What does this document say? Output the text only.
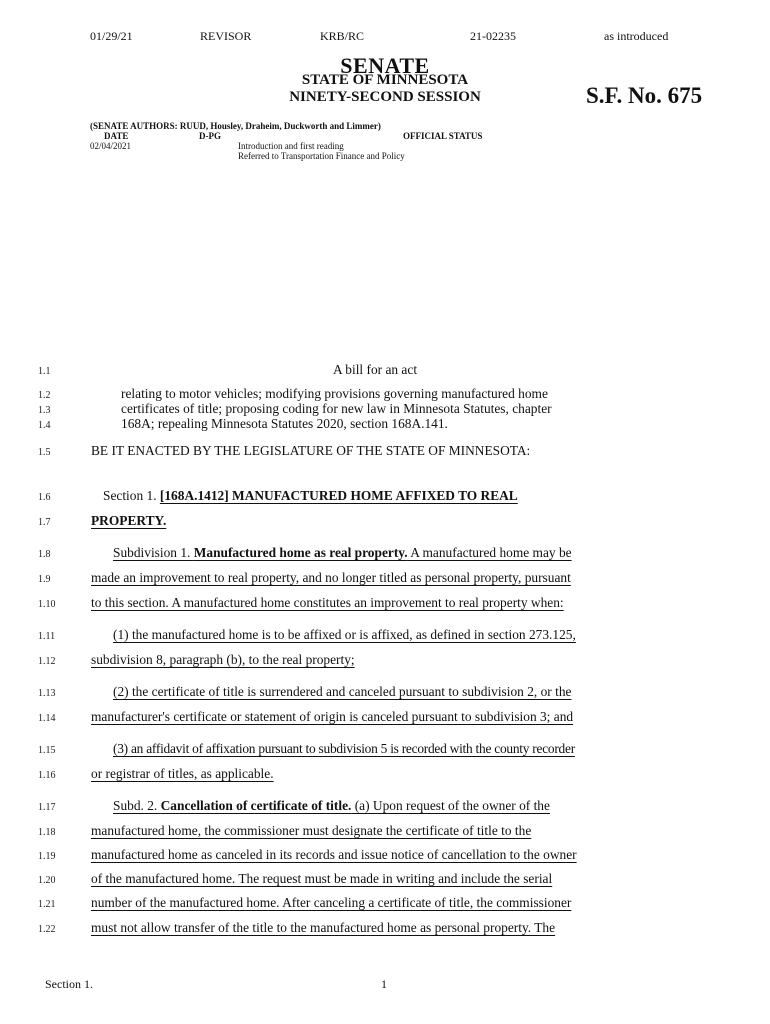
01/29/21	REVISOR	KRB/RC	21-02235	as introduced
SENATE
STATE OF MINNESOTA
NINETY-SECOND SESSION	S.F. No. 675
(SENATE AUTHORS: RUUD, Housley, Draheim, Duckworth and Limmer)
DATE	D-PG	OFFICIAL STATUS
02/04/2021	Introduction and first reading
Referred to Transportation Finance and Policy
1.1	A bill for an act
1.2	relating to motor vehicles; modifying provisions governing manufactured home
1.3	certificates of title; proposing coding for new law in Minnesota Statutes, chapter
1.4	168A; repealing Minnesota Statutes 2020, section 168A.141.
1.5	BE IT ENACTED BY THE LEGISLATURE OF THE STATE OF MINNESOTA:
1.6	Section 1. [168A.1412] MANUFACTURED HOME AFFIXED TO REAL
1.7	PROPERTY.
1.8	Subdivision 1. Manufactured home as real property. A manufactured home may be
1.9	made an improvement to real property, and no longer titled as personal property, pursuant
1.10	to this section. A manufactured home constitutes an improvement to real property when:
1.11	(1) the manufactured home is to be affixed or is affixed, as defined in section 273.125,
1.12	subdivision 8, paragraph (b), to the real property;
1.13	(2) the certificate of title is surrendered and canceled pursuant to subdivision 2, or the
1.14	manufacturer's certificate or statement of origin is canceled pursuant to subdivision 3; and
1.15	(3) an affidavit of affixation pursuant to subdivision 5 is recorded with the county recorder
1.16	or registrar of titles, as applicable.
1.17	Subd. 2. Cancellation of certificate of title. (a) Upon request of the owner of the
1.18	manufactured home, the commissioner must designate the certificate of title to the
1.19	manufactured home as canceled in its records and issue notice of cancellation to the owner
1.20	of the manufactured home. The request must be made in writing and include the serial
1.21	number of the manufactured home. After canceling a certificate of title, the commissioner
1.22	must not allow transfer of the title to the manufactured home as personal property. The
Section 1.	1
